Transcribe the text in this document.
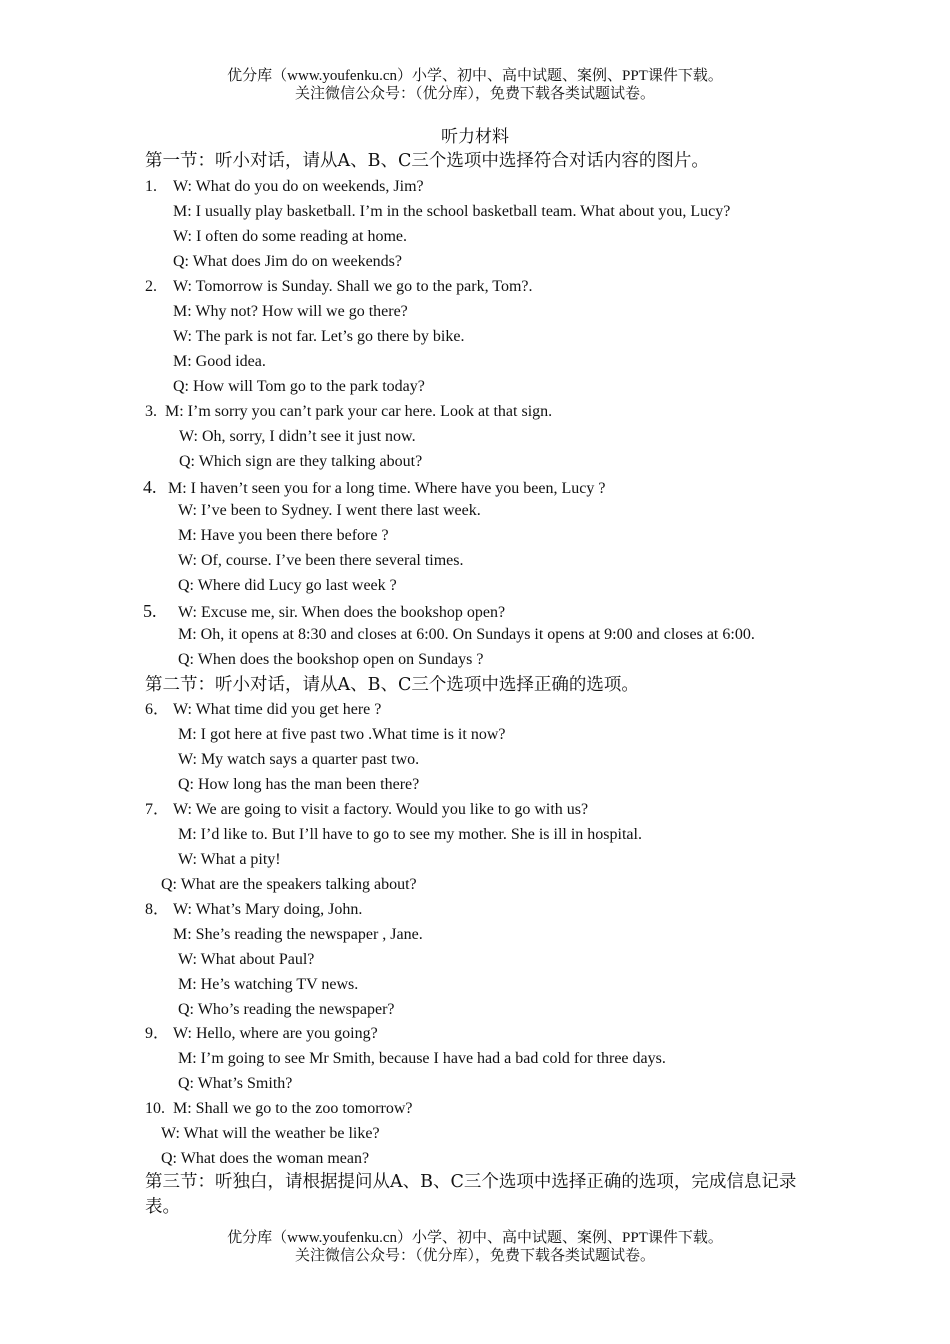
优分库（www.youfenku.cn）小学、初中、高中试题、案例、PPT课件下载。
关注微信公众号：（优分库），免费下载各类试题试卷。
听力材料
第一节：听小对话，请从A、B、C三个选项中选择符合对话内容的图片。
1. W: What do you do on weekends, Jim?
M: I usually play basketball. I’m in the school basketball team. What about you, Lucy?
W: I often do some reading at home.
Q: What does Jim do on weekends?
2. W: Tomorrow is Sunday. Shall we go to the park, Tom?.
M: Why not? How will we go there?
W: The park is not far. Let’s go there by bike.
M: Good idea.
Q: How will Tom go to the park today?
3. M: I’m sorry you can’t park your car here. Look at that sign.
W: Oh, sorry, I didn’t see it just now.
Q: Which sign are they talking about?
4. M: I haven’t seen you for a long time. Where have you been, Lucy ?
W: I’ve been to Sydney. I went there last week.
M: Have you been there before ?
W: Of, course. I’ve been there several times.
Q: Where did Lucy go last week ?
5. W: Excuse me, sir. When does the bookshop open?
M: Oh, it opens at 8:30 and closes at 6:00. On Sundays it opens at 9:00 and closes at 6:00.
Q: When does the bookshop open on Sundays ?
第二节：听小对话，请从A、B、C三个选项中选择正确的选项。
6． W: What time did you get here ?
M: I got here at five past two .What time is it now?
W: My watch says a quarter past two.
Q: How long has the man been there?
7． W: We are going to visit a factory. Would you like to go with us?
M: I’d like to. But I’ll have to go to see my mother. She is ill in hospital.
W: What a pity!
Q: What are the speakers talking about?
8． W: What’s Mary doing, John.
M: She’s reading the newspaper , Jane.
W: What about Paul?
M: He’s watching TV news.
Q: Who’s reading the newspaper?
9． W: Hello, where are you going?
M: I’m going to see Mr Smith, because I have had a bad cold for three days.
Q: What’s Smith?
10. M: Shall we go to the zoo tomorrow?
W: What will the weather be like?
Q: What does the woman mean?
第三节：听独白，请根据提问从A、B、C三个选项中选择正确的选项，完成信息记录表。
优分库（www.youfenku.cn）小学、初中、高中试题、案例、PPT课件下载。
关注微信公众号：（优分库），免费下载各类试题试卷。
